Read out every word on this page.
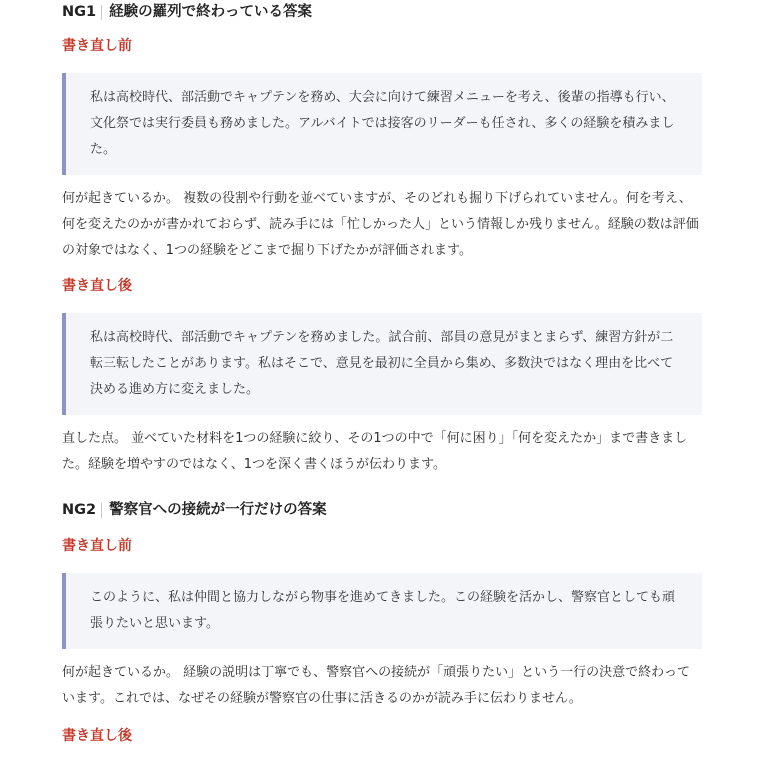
NG1 経験の羅列で終わっている答案
書き直し前

私は高校時代、部活動でキャプテンを務め、大会に向けて練習メニューを考え、後輩の指導も行い、文化祭では実行委員も務めました。アルバイトでは接客のリーダーも任され、多くの経験を積みました。

何が起きているか。 複数の役割や行動を並べていますが、そのどれも掘り下げられていません。何を考え、何を変えたのかが書かれておらず、読み手には「忙しかった人」という情報しか残りません。経験の数は評価の対象ではなく、1つの経験をどこまで掘り下げたかが評価されます。

書き直し後

私は高校時代、部活動でキャプテンを務めました。試合前、部員の意見がまとまらず、練習方針が二転三転したことがあります。私はそこで、意見を最初に全員から集め、多数決ではなく理由を比べて決める進め方に変えました。

直した点。 並べていた材料を1つの経験に絞り、その1つの中で「何に困り」「何を変えたか」まで書きました。経験を増やすのではなく、1つを深く書くほうが伝わります。

NG2 警察官への接続が一行だけの答案
書き直し前

このように、私は仲間と協力しながら物事を進めてきました。この経験を活かし、警察官としても頑張りたいと思います。

何が起きているか。 経験の説明は丁寧でも、警察官への接続が「頑張りたい」という一行の決意で終わっています。これでは、なぜその経験が警察官の仕事に活きるのかが読み手に伝わりません。

書き直し後
